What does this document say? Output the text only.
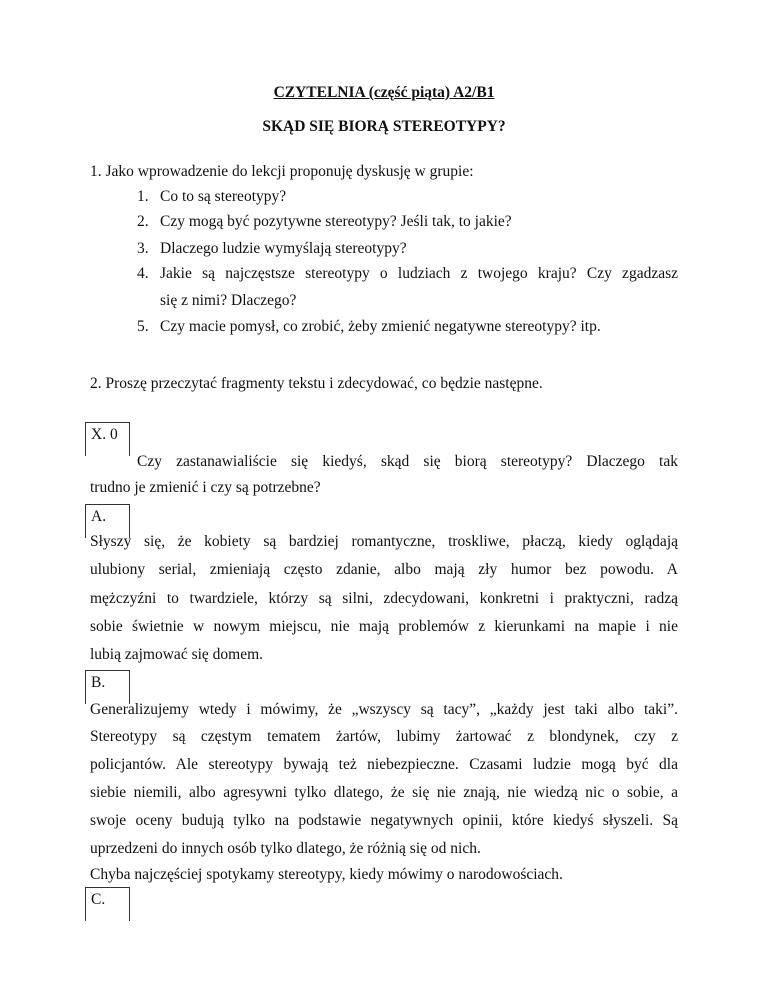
CZYTELNIA (część piąta) A2/B1
SKĄD SIĘ BIORĄ STEREOTYPY?
1. Jako wprowadzenie do lekcji proponuję dyskusję w grupie:
1. Co to są stereotypy?
2. Czy mogą być pozytywne stereotypy? Jeśli tak, to jakie?
3. Dlaczego ludzie wymyślają stereotypy?
4. Jakie są najczęstsze stereotypy o ludziach z twojego kraju? Czy zgadzasz
się z nimi? Dlaczego?
5. Czy macie pomysł, co zrobić, żeby zmienić negatywne stereotypy? itp.
2. Proszę przeczytać fragmenty tekstu i zdecydować, co będzie następne.
X. 0
Czy zastanawialiście się kiedyś, skąd się biorą stereotypy? Dlaczego tak
trudno je zmienić i czy są potrzebne?
A.
Słyszy się, że kobiety są bardziej romantyczne, troskliwe, płaczą, kiedy oglądają
ulubiony serial, zmieniają często zdanie, albo mają zły humor bez powodu. A
mężczyźni to twardziele, którzy są silni, zdecydowani, konkretni i praktyczni, radzą
sobie świetnie w nowym miejscu, nie mają problemów z kierunkami na mapie i nie
lubią zajmować się domem.
B.
Generalizujemy wtedy i mówimy, że „wszyscy są tacy”, „każdy jest taki albo taki”.
Stereotypy są częstym tematem żartów, lubimy żartować z blondynek, czy z
policjantów. Ale stereotypy bywają też niebezpieczne. Czasami ludzie mogą być dla
siebie niemili, albo agresywni tylko dlatego, że się nie znają, nie wiedzą nic o sobie, a
swoje oceny budują tylko na podstawie negatywnych opinii, które kiedyś słyszeli. Są
uprzedzeni do innych osób tylko dlatego, że różnią się od nich.
Chyba najczęściej spotykamy stereotypy, kiedy mówimy o narodowościach.
C.
